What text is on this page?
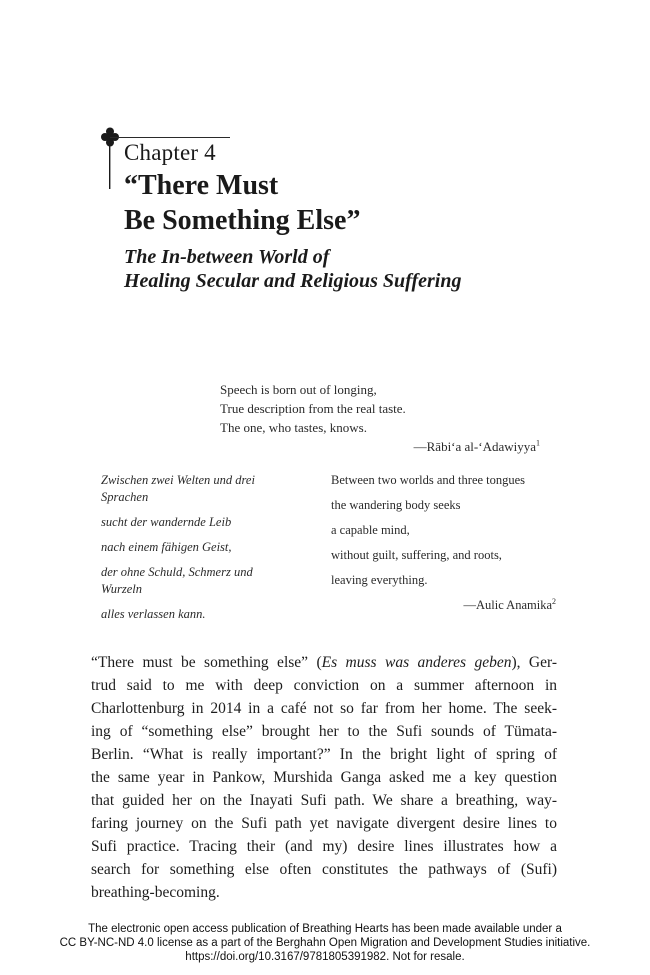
Chapter 4
“There Must
Be Something Else”
The In-between World of
Healing Secular and Religious Suffering
Speech is born out of longing,
True description from the real taste.
The one, who tastes, knows.
—Rābi‘a al-‘Adawiyya$^1$
Zwischen zwei Welten und drei Sprachen
sucht der wandernde Leib
nach einem fähigen Geist,
der ohne Schuld, Schmerz und Wurzeln
alles verlassen kann.
Between two worlds and three tongues
the wandering body seeks
a capable mind,
without guilt, suffering, and roots,
leaving everything.
—Aulic Anamika$^2$
“There must be something else” (Es muss was anderes geben), Ger-
trud said to me with deep conviction on a summer afternoon in
Charlottenburg in 2014 in a café not so far from her home. The seek-
ing of “something else” brought her to the Sufi sounds of Tümata-
Berlin. “What is really important?” In the bright light of spring of
the same year in Pankow, Murshida Ganga asked me a key question
that guided her on the Inayati Sufi path. We share a breathing, way-
faring journey on the Sufi path yet navigate divergent desire lines to
Sufi practice. Tracing their (and my) desire lines illustrates how a
search for something else often constitutes the pathways of (Sufi)
breathing-becoming.
The electronic open access publication of Breathing Hearts has been made available under a
CC BY-NC-ND 4.0 license as a part of the Berghahn Open Migration and Development Studies initiative.
https://doi.org/10.3167/9781805391982. Not for resale.
